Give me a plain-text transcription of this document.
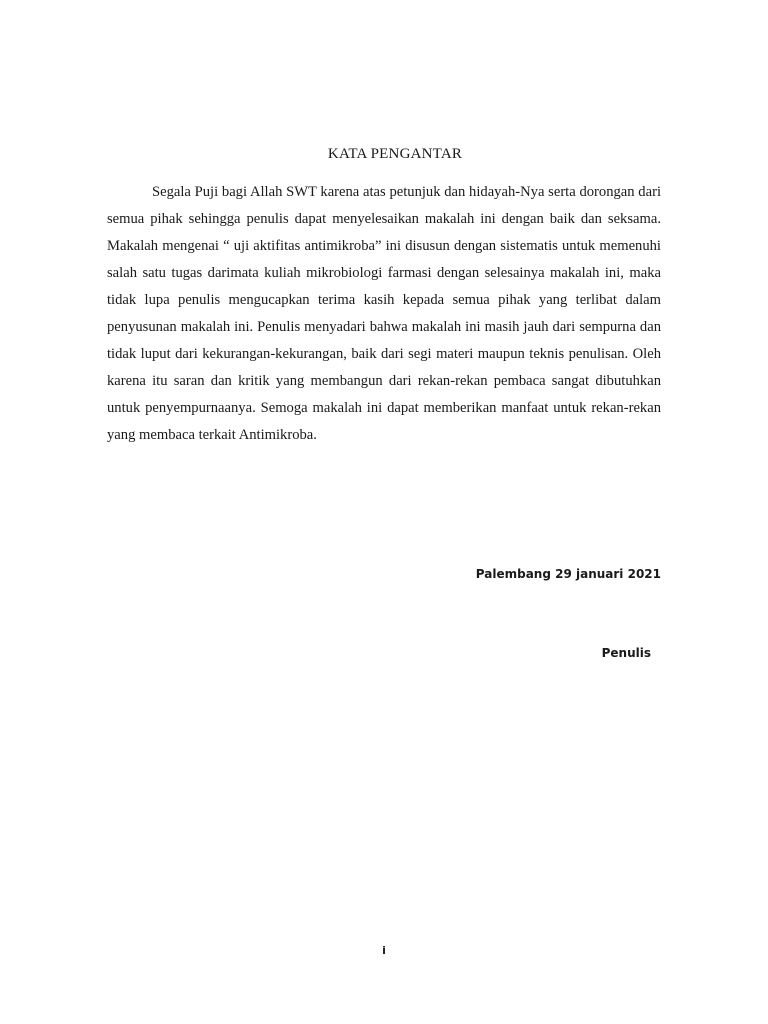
KATA PENGANTAR

Segala Puji bagi Allah SWT karena atas petunjuk dan hidayah-Nya serta dorongan dari semua pihak sehingga penulis dapat menyelesaikan makalah ini dengan baik dan seksama. Makalah mengenai “ uji aktifitas antimikroba” ini disusun dengan sistematis untuk memenuhi salah satu tugas darimata kuliah mikrobiologi farmasi dengan selesainya makalah ini, maka tidak lupa penulis mengucapkan terima kasih kepada semua pihak yang terlibat dalam penyusunan makalah ini. Penulis menyadari bahwa makalah ini masih jauh dari sempurna dan tidak luput dari kekurangan-kekurangan, baik dari segi materi maupun teknis penulisan. Oleh karena itu saran dan kritik yang membangun dari rekan-rekan pembaca sangat dibutuhkan untuk penyempurnaanya. Semoga makalah ini dapat memberikan manfaat untuk rekan-rekan yang membaca terkait Antimikroba.

Palembang 29 januari 2021
Penulis
i
